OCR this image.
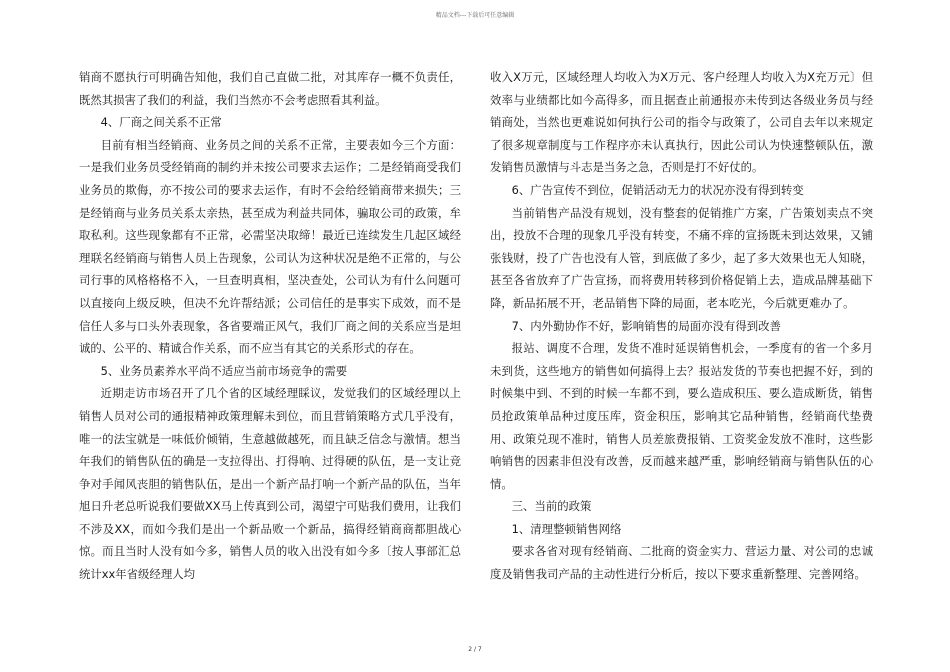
精品文档---下载后可任意编辑

销商不愿执行可明确告知他，我们自己直做二批，对其库存一概不负责任，既然其损害了我们的利益，我们当然亦不会考虑照看其利益。

4、厂商之间关系不正常

目前有相当经销商、业务员之间的关系不正常，主要表如今三个方面：一是我们业务员受经销商的制约并未按公司要求去运作；二是经销商受我们业务员的欺侮，亦不按公司的要求去运作，有时不会给经销商带来损失；三是经销商与业务员关系太亲热，甚至成为利益共同体，骗取公司的政策，牟取私利。这些现象都有不正常，必需坚决取缔！最近已连续发生几起区域经理联名经销商与销售人员上告现象，公司认为这种状况是绝不正常的，与公司行事的风格格格不入，一旦查明真相，坚决查处，公司认为有什么问题可以直接向上级反映，但决不允许帮结派；公司信任的是事实下成效，而不是信任人多与口头外表现象，各省要端正风气，我们厂商之间的关系应当是坦诚的、公平的、精诚合作关系，而不应当有其它的关系形式的存在。

5、业务员素养水平尚不适应当前市场竞争的需要

近期走访市场召开了几个省的区域经理睬议，发觉我们的区域经理以上销售人员对公司的通报精神政策理解未到位，而且营销策略方式几乎没有，唯一的法宝就是一味低价倾销，生意越做越死，而且缺乏信念与激情。想当年我们的销售队伍的确是一支拉得出、打得响、过得硬的队伍，是一支让竞争对手闻风丧胆的销售队伍，是出一个新产品打响一个新产品的队伍，当年旭日升老总听说我们要做XX马上传真到公司，渴望宁可贴我们费用，让我们不涉及XX，而如今我们是出一个新品败一个新品，搞得经销商商都胆战心惊。而且当时人没有如今多，销售人员的收入出没有如今多〔按人事部汇总统计xx年省级经理人均

收入X万元，区域经理人均收入为X万元、客户经理人均收入为X充万元〕但效率与业绩都比如今高得多，而且据查止前通报亦未传到达各级业务员与经销商处，当然也更难说如何执行公司的指令与政策了，公司自去年以来规定了很多规章制度与工作程序亦未认真执行，因此公司认为快速整顿队伍，激发销售员激情与斗志是当务之急，否则是打不好仗的。

6、广告宣传不到位，促销活动无力的状况亦没有得到转变

当前销售产品没有规划，没有整套的促销推广方案，广告策划卖点不突出，投放不合理的现象几乎没有转变，不痛不痒的宣扬既未到达效果，又铺张钱财，投了广告也没有人管，到底做了多少，起了多大效果也无人知晓，甚至各省放弃了广告宣扬，而将费用转移到价格促销上去，造成品牌基础下降，新品拓展不开，老品销售下降的局面，老本吃光，今后就更难办了。

7、内外勤协作不好，影响销售的局面亦没有得到改善

报站、调度不合理，发货不准时延误销售机会，一季度有的省一个多月未到货，这些地方的销售如何搞得上去？报站发货的节奏也把握不好，到的时候集中到、不到的时候一车都不到，要么造成积压、要么造成断货，销售员抢政策单品种过度压库，资金积压，影响其它品种销售，经销商代垫费用、政策兑现不准时，销售人员差旅费报销、工资奖金发放不准时，这些影响销售的因素非但没有改善，反而越来越严重，影响经销商与销售队伍的心情。

三、当前的政策

1、清理整顿销售网络

要求各省对现有经销商、二批商的资金实力、营运力量、对公司的忠诚度及销售我司产品的主动性进行分析后，按以下要求重新整理、完善网络。

2 / 7
